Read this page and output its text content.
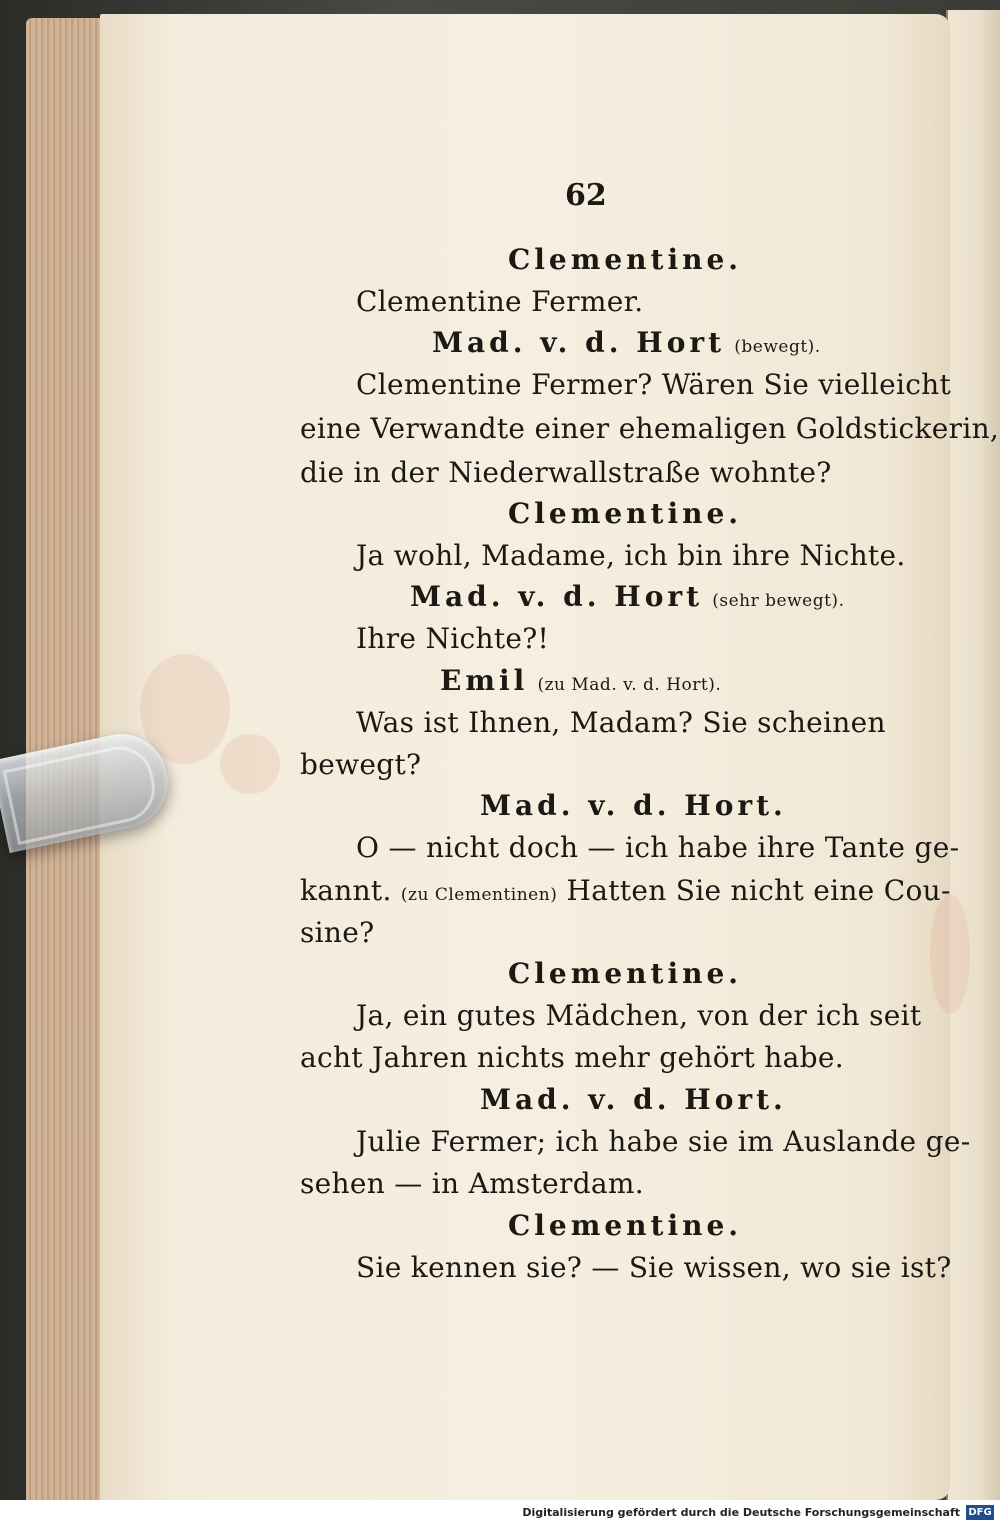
62
Clementine.
Clementine Fermer.
Mad. v. d. Hort (bewegt).
Clementine Fermer? Wären Sie vielleicht
eine Verwandte einer ehemaligen Goldstickerin,
die in der Niederwallstraße wohnte?
Clementine.
Ja wohl, Madame, ich bin ihre Nichte.
Mad. v. d. Hort (sehr bewegt).
Ihre Nichte?!
Emil (zu Mad. v. d. Hort).
Was ist Ihnen, Madam? Sie scheinen
bewegt?
Mad. v. d. Hort.
O — nicht doch — ich habe ihre Tante ge-
kannt. (zu Clementinen) Hatten Sie nicht eine Cou-
sine?
Clementine.
Ja, ein gutes Mädchen, von der ich seit
acht Jahren nichts mehr gehört habe.
Mad. v. d. Hort.
Julie Fermer; ich habe sie im Auslande ge-
sehen — in Amsterdam.
Clementine.
Sie kennen sie? — Sie wissen, wo sie ist?
Digitalisierung gefördert durch die Deutsche Forschungsgemeinschaft DFG
